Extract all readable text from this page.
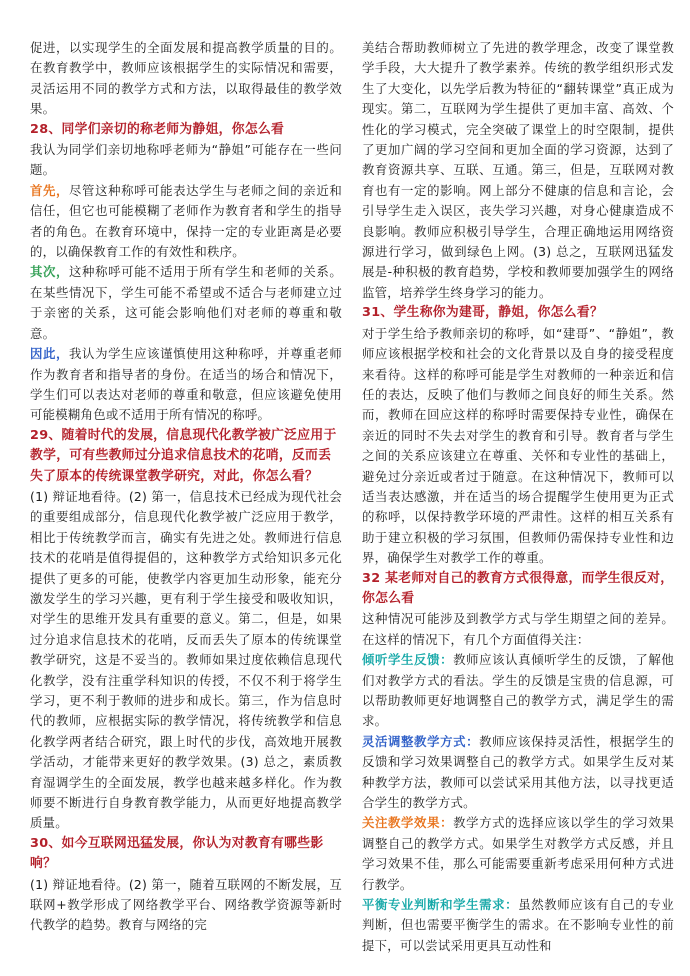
促进，以实现学生的全面发展和提高教学质量的目的。在教育教学中，教师应该根据学生的实际情况和需要，灵活运用不同的教学方式和方法，以取得最佳的教学效果。

28、同学们亲切的称老师为静姐，你怎么看

我认为同学们亲切地称呼老师为“静姐”可能存在一些问题。

首先，尽管这种称呼可能表达学生与老师之间的亲近和信任，但它也可能模糊了老师作为教育者和学生的指导者的角色。在教育环境中，保持一定的专业距离是必要的，以确保教育工作的有效性和秩序。

其次，这种称呼可能不适用于所有学生和老师的关系。在某些情况下，学生可能不希望或不适合与老师建立过于亲密的关系，这可能会影响他们对老师的尊重和敬意。

因此，我认为学生应该谨慎使用这种称呼，并尊重老师作为教育者和指导者的身份。在适当的场合和情况下，学生们可以表达对老师的尊重和敬意，但应该避免使用可能模糊角色或不适用于所有情况的称呼。

29、随着时代的发展，信息现代化教学被广泛应用于教学，可有些教师过分追求信息技术的花哨，反而丢失了原本的传统课堂教学研究，对此，你怎么看？

(1) 辩证地看待。(2) 第一，信息技术已经成为现代社会的重要组成部分，信息现代化教学被广泛应用于教学，相比于传统教学而言，确实有先进之处。教师进行信息技术的花哨是值得提倡的，这种教学方式给知识多元化提供了更多的可能，使教学内容更加生动形象，能充分激发学生的学习兴趣，更有利于学生接受和吸收知识，对学生的思维开发具有重要的意义。第二，但是，如果过分追求信息技术的花哨，反而丢失了原本的传统课堂教学研究，这是不妥当的。教师如果过度依赖信息现代化教学，没有注重学科知识的传授，不仅不利于将学生学习，更不利于教师的进步和成长。第三，作为信息时代的教师，应根据实际的教学情况，将传统教学和信息化教学两者结合研究，跟上时代的步伐，高效地开展教学活动，才能带来更好的教学效果。(3) 总之，素质教育湿调学生的全面发展，教学也越来越多样化。作为教师要不断进行自身教育教学能力，从而更好地提高教学质量。

30、如今互联网迅猛发展，你认为对教育有哪些影响？

(1) 辩证地看待。(2) 第一，随着互联网的不断发展，互联网+教学形成了网络教学平台、网络教学资源等新时代教学的趋势。教育与网络的完

美结合帮助教师树立了先进的教学理念，改变了课堂教学手段，大大提升了教学素养。传统的教学组织形式发生了大变化，以先学后教为特征的“翻转课堂”真正成为现实。第二，互联网为学生提供了更加丰富、高效、个性化的学习模式，完全突破了课堂上的时空限制，提供了更加广阔的学习空间和更加全面的学习资源，达到了教育资源共享、互联、互通。第三，但是，互联网对教育也有一定的影响。网上部分不健康的信息和言论，会引导学生走入误区，丧失学习兴趣，对身心健康造成不良影响。教师应积极引导学生，合理正确地运用网络资源进行学习，做到绿色上网。(3) 总之，互联网迅猛发展是-种积极的教育趋势，学校和教师要加强学生的网络监管，培养学生终身学习的能力。

31、学生称你为建哥，静姐，你怎么看？

对于学生给予教师亲切的称呼，如“建哥”、“静姐”，教师应该根据学校和社会的文化背景以及自身的接受程度来看待。这样的称呼可能是学生对教师的一种亲近和信任的表达，反映了他们与教师之间良好的师生关系。然而，教师在回应这样的称呼时需要保持专业性，确保在亲近的同时不失去对学生的教育和引导。教育者与学生之间的关系应该建立在尊重、关怀和专业性的基础上，避免过分亲近或者过于随意。在这种情况下，教师可以适当表达感激，并在适当的场合提醒学生使用更为正式的称呼，以保持教学环境的严肃性。这样的相互关系有助于建立积极的学习氛围，但教师仍需保持专业性和边界，确保学生对教学工作的尊重。

32 某老师对自己的教育方式很得意，而学生很反对，你怎么看

这种情况可能涉及到教学方式与学生期望之间的差异。在这样的情况下，有几个方面值得关注：

倾听学生反馈：教师应该认真倾听学生的反馈，了解他们对教学方式的看法。学生的反馈是宝贵的信息源，可以帮助教师更好地调整自己的教学方式，满足学生的需求。

灵活调整教学方式：教师应该保持灵活性，根据学生的反馈和学习效果调整自己的教学方式。如果学生反对某种教学方法，教师可以尝试采用其他方法，以寻找更适合学生的教学方式。

关注教学效果：教学方式的选择应该以学生的学习效果调整自己的教学方式。如果学生对教学方式反感，并且学习效果不佳，那么可能需要重新考虑采用何种方式进行教学。

平衡专业判断和学生需求：虽然教师应该有自己的专业判断，但也需要平衡学生的需求。在不影响专业性的前提下，可以尝试采用更具互动性和
